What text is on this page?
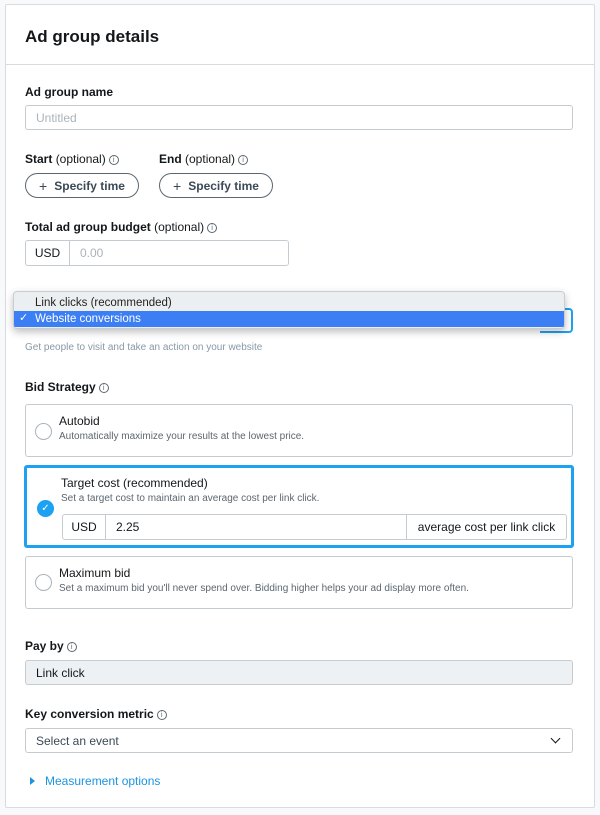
Ad group details
Ad group name
Untitled
Start (optional) i
+ Specify time
End (optional) i
+ Specify time
Total ad group budget (optional) i
USD
0.00
Link clicks (recommended)
✓ Website conversions
Get people to visit and take an action on your website
Bid Strategy i
Autobid
Automatically maximize your results at the lowest price.
✓
Target cost (recommended)
Set a target cost to maintain an average cost per link click.
USD
2.25	average cost per link click
Maximum bid
Set a maximum bid you'll never spend over. Bidding higher helps your ad display more often.
Pay by i
Link click
Key conversion metric i
Select an event
Measurement options
